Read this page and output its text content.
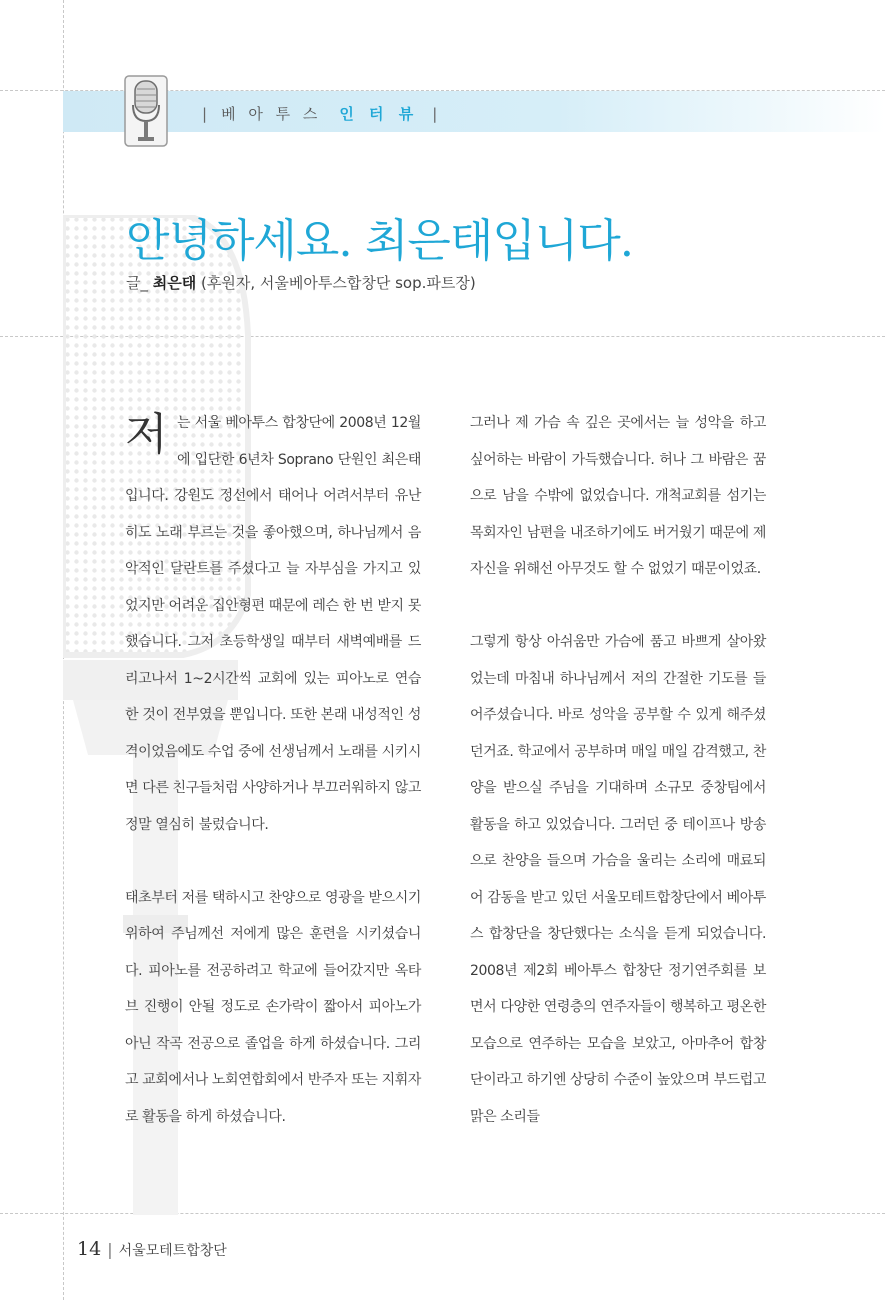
| 베 아 투 스 인 터 뷰 |
안녕하세요. 최은태입니다.
글_ 최은태 (후원자, 서울베아투스합창단 sop.파트장)

저는 서울 베아투스 합창단에 2008년 12월에 입단한 6년차 Soprano 단원인 최은태입니다. 강원도 정선에서 태어나 어려서부터 유난히도 노래 부르는 것을 좋아했으며, 하나님께서 음악적인 달란트를 주셨다고 늘 자부심을 가지고 있었지만 어려운 집안형편 때문에 레슨 한 번 받지 못했습니다. 그저 초등학생일 때부터 새벽예배를 드리고나서 1~2시간씩 교회에 있는 피아노로 연습한 것이 전부였을 뿐입니다. 또한 본래 내성적인 성격이었음에도 수업 중에 선생님께서 노래를 시키시면 다른 친구들처럼 사양하거나 부끄러워하지 않고 정말 열심히 불렀습니다.

태초부터 저를 택하시고 찬양으로 영광을 받으시기 위하여 주님께선 저에게 많은 훈련을 시키셨습니다. 피아노를 전공하려고 학교에 들어갔지만 옥타브 진행이 안될 정도로 손가락이 짧아서 피아노가 아닌 작곡 전공으로 졸업을 하게 하셨습니다. 그리고 교회에서나 노회연합회에서 반주자 또는 지휘자로 활동을 하게 하셨습니다.

그러나 제 가슴 속 깊은 곳에서는 늘 성악을 하고 싶어하는 바람이 가득했습니다. 허나 그 바람은 꿈으로 남을 수밖에 없었습니다. 개척교회를 섬기는 목회자인 남편을 내조하기에도 버거웠기 때문에 제 자신을 위해선 아무것도 할 수 없었기 때문이었죠.

그렇게 항상 아쉬움만 가슴에 품고 바쁘게 살아왔었는데 마침내 하나님께서 저의 간절한 기도를 들어주셨습니다. 바로 성악을 공부할 수 있게 해주셨던거죠. 학교에서 공부하며 매일 매일 감격했고, 찬양을 받으실 주님을 기대하며 소규모 중창팀에서 활동을 하고 있었습니다. 그러던 중 테이프나 방송으로 찬양을 들으며 가슴을 울리는 소리에 매료되어 감동을 받고 있던 서울모테트합창단에서 베아투스 합창단을 창단했다는 소식을 듣게 되었습니다. 2008년 제2회 베아투스 합창단 정기연주회를 보면서 다양한 연령층의 연주자들이 행복하고 평온한 모습으로 연주하는 모습을 보았고, 아마추어 합창단이라고 하기엔 상당히 수준이 높았으며 부드럽고 맑은 소리들

14 | 서울모테트합창단
